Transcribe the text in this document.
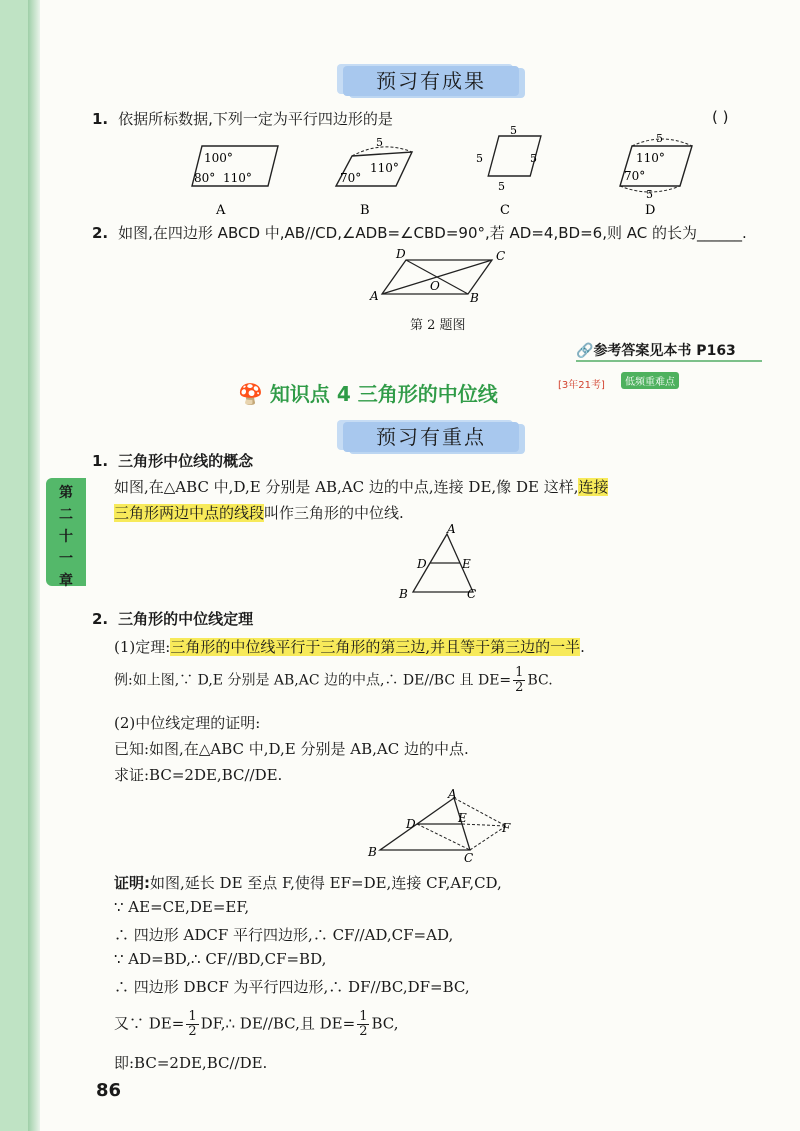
预习有成果
1. 依据所标数据,下列一定为平行四边形的是	( )
100°
80° 110°
A
5
110°
70°
B
5	5
5
5
C
5
5
110°
70°
D
2. 如图,在四边形 ABCD 中,AB//CD,∠ADB=∠CBD=90°,若 AD=4,BD=6,则 AC 的长为______.
D	C
A
O
B
第 2 题图
🔗参考答案见本书 P163
🍄 知识点 4 三角形的中位线	[3年21考]	低频重难点
预习有重点
1. 三角形中位线的概念
如图,在△ABC 中,D,E 分别是 AB,AC 边的中点,连接 DE,像 DE 这样,连接
三角形两边中点的线段叫作三角形的中位线.
A
D	E
B	C
第
二
十
一
章
2. 三角形的中位线定理
(1)定理:三角形的中位线平行于三角形的第三边,并且等于第三边的一半.
例:如上图,∵ D,E 分别是 AB,AC 边的中点,∴ DE//BC 且 $DE= \frac{1}{2}$ BC.
(2)中位线定理的证明:
已知:如图,在△ABC 中,D,E 分别是 AB,AC 边的中点.
求证:BC=2DE,BC//DE.
A
D	E
F
B	C
证明:如图,延长 DE 至点 F,使得 EF=DE,连接 CF,AF,CD,
∵ AE=CE,DE=EF,
∴ 四边形 ADCF 平行四边形,∴ CF//AD,CF=AD,
∵ AD=BD,∴ CF//BD,CF=BD,
∴ 四边形 DBCF 为平行四边形,∴ DF//BC,DF=BC,
又∵ $DE= \frac{1}{2}$ DF,∴ DE//BC,且 $DE= \frac{1}{2}$ BC,
即:BC=2DE,BC//DE.
86
